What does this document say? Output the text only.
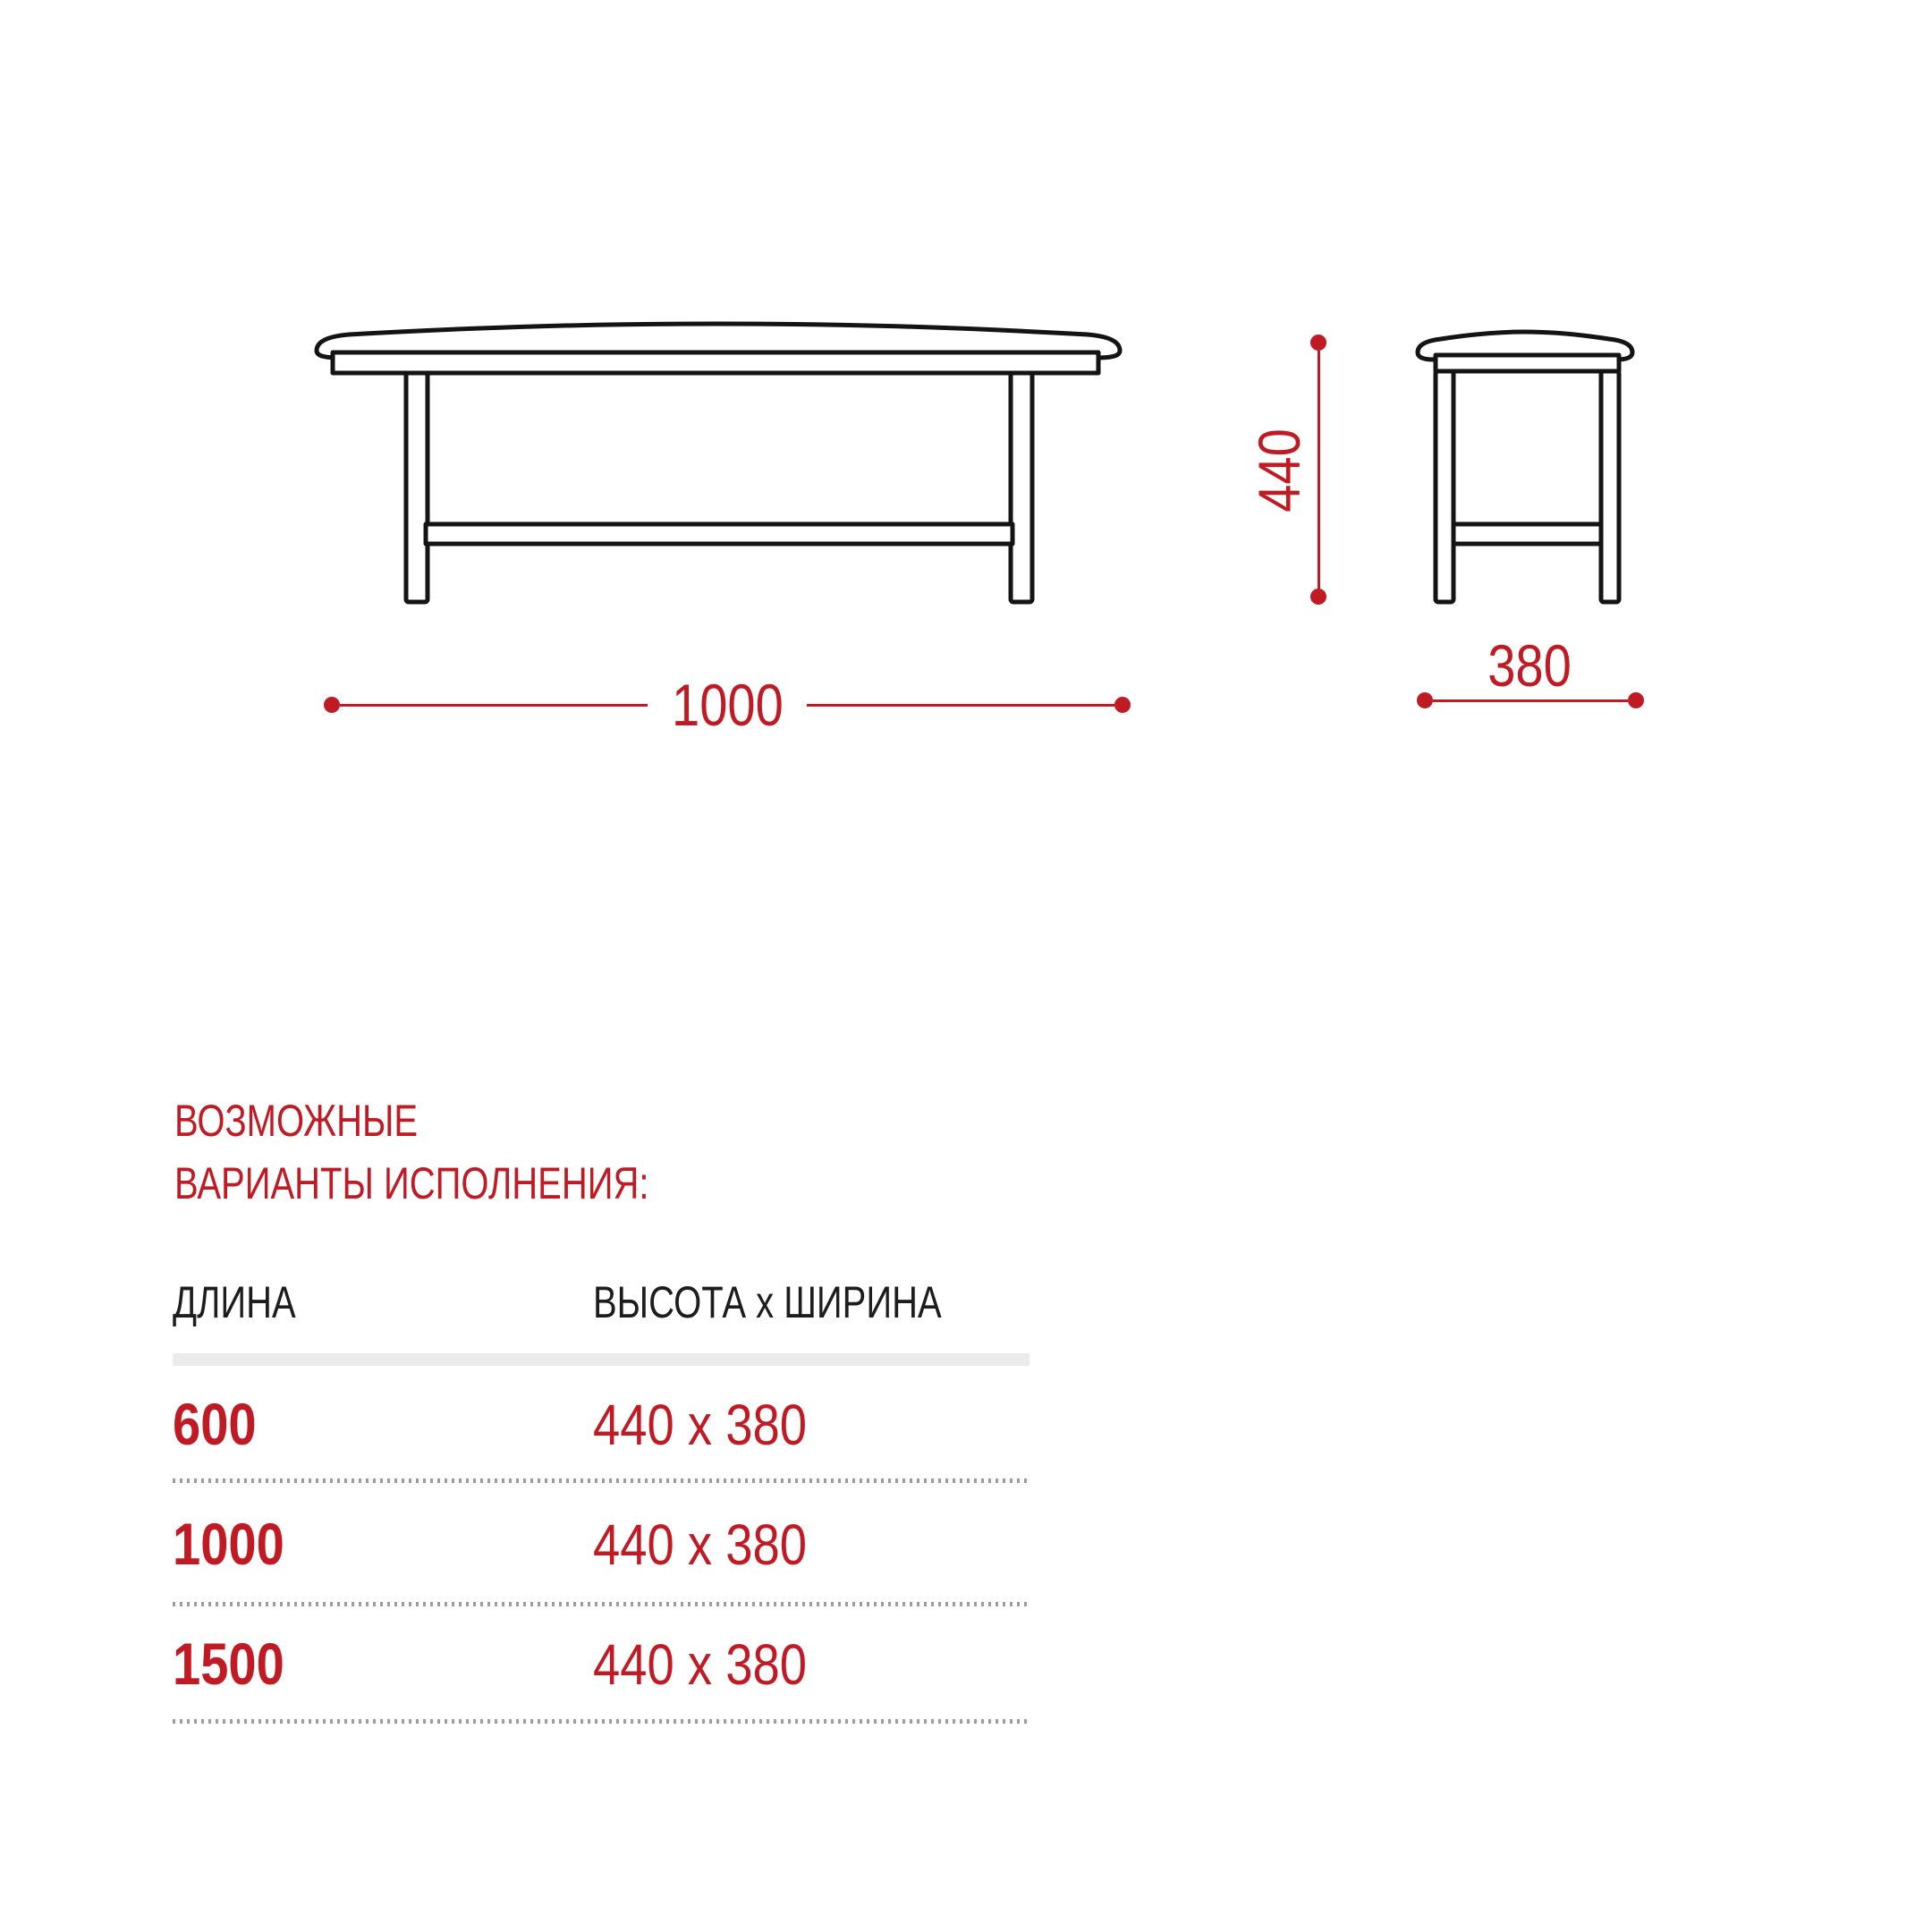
1000
440
380
ВОЗМОЖНЫЕ
ВАРИАНТЫ ИСПОЛНЕНИЯ:
ДЛИНА	ВЫСОТА х ШИРИНА
600	440 x 380
1000	440 x 380
1500	440 x 380
